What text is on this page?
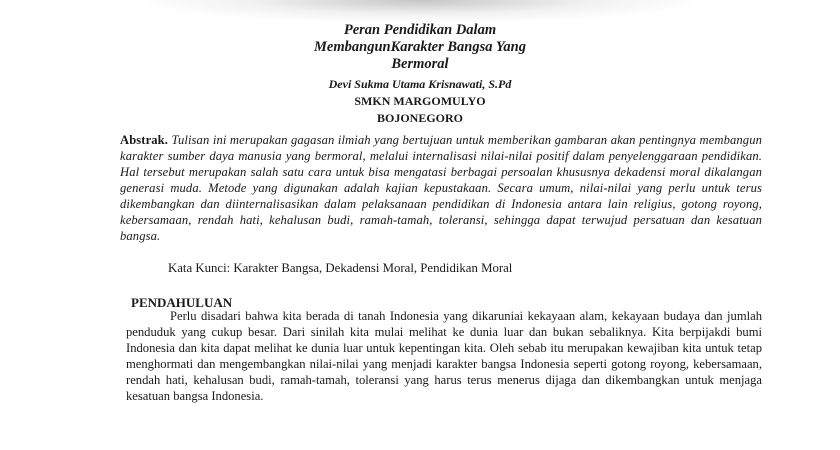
Peran Pendidikan Dalam
MembangunKarakter Bangsa Yang
Bermoral
Devi Sukma Utama Krisnawati, S.Pd
SMKN MARGOMULYO
BOJONEGORO
Abstrak. Tulisan ini merupakan gagasan ilmiah yang bertujuan untuk memberikan gambaran akan pentingnya membangun karakter sumber daya manusia yang bermoral, melalui internalisasi nilai-nilai positif dalam penyelenggaraan pendidikan. Hal tersebut merupakan salah satu cara untuk bisa mengatasi berbagai persoalan khususnya dekadensi moral dikalangan generasi muda. Metode yang digunakan adalah kajian kepustakaan. Secara umum, nilai-nilai yang perlu untuk terus dikembangkan dan diinternalisasikan dalam pelaksanaan pendidikan di Indonesia antara lain religius, gotong royong, kebersamaan, rendah hati, kehalusan budi, ramah-tamah, toleransi, sehingga dapat terwujud persatuan dan kesatuan bangsa.
Kata Kunci: Karakter Bangsa, Dekadensi Moral, Pendidikan Moral
PENDAHULUAN

Perlu disadari bahwa kita berada di tanah Indonesia yang dikaruniai kekayaan alam, kekayaan budaya dan jumlah penduduk yang cukup besar. Dari sinilah kita mulai melihat ke dunia luar dan bukan sebaliknya. Kita berpijakdi bumi Indonesia dan kita dapat melihat ke dunia luar untuk kepentingan kita. Oleh sebab itu merupakan kewajiban kita untuk tetap menghormati dan mengembangkan nilai-nilai yang menjadi karakter bangsa Indonesia seperti gotong royong, kebersamaan, rendah hati, kehalusan budi, ramah-tamah, toleransi yang harus terus menerus dijaga dan dikembangkan untuk menjaga kesatuan bangsa Indonesia.
